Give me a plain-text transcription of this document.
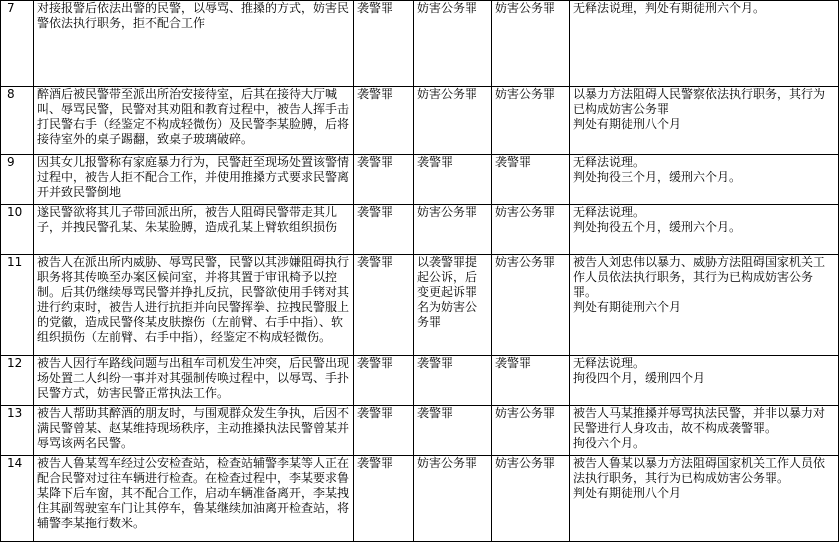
7	对接报警后依法出警的民警，以辱骂、推搡的方式，妨害民警依法执行职务，拒不配合工作	袭警罪	妨害公务罪	妨害公务罪	无释法说理，判处有期徒刑六个月。
8	醉酒后被民警带至派出所治安接待室，后其在接待大厅喊叫、辱骂民警，民警对其劝阻和教育过程中，被告人挥手击打民警右手（经鉴定不构成轻微伤）及民警李某脸膊，后将接待室外的桌子踢翻，致桌子玻璃破碎。	袭警罪	妨害公务罪	妨害公务罪	以暴力方法阻碍人民警察依法执行职务，其行为已构成妨害公务罪
判处有期徒刑八个月
9	因其女儿报警称有家庭暴力行为，民警赶至现场处置该警情过程中，被告人拒不配合工作，并使用推搡方式要求民警离开并致民警倒地	袭警罪	袭警罪	袭警罪	无释法说理。
判处拘役三个月，缓刑六个月。
10	遂民警欲将其儿子带回派出所，被告人阻碍民警带走其儿子，并拽民警孔某、朱某脸膊，造成孔某上臂软组织损伤	袭警罪	妨害公务罪	妨害公务罪	无释法说理。
判处拘役五个月，缓刑六个月。
11	被告人在派出所内威胁、辱骂民警，民警以其涉嫌阻碍执行职务将其传唤至办案区候问室，并将其置于审讯椅予以控制。后其仍继续辱骂民警并挣扎反抗，民警欲使用手铐对其进行约束时，被告人进行抗拒并向民警挥拳、拉拽民警服上的党徽，造成民警佟某皮肤擦伤（左前臂、右手中指）、软组织损伤（左前臂、右手中指），经鉴定不构成轻微伤。	袭警罪	以袭警罪提起公诉，后变更起诉罪名为妨害公务罪	妨害公务罪	被告人刘忠伟以暴力、威胁方法阻碍国家机关工作人员依法执行职务，其行为已构成妨害公务罪。
判处有期徒刑六个月
12	被告人因行车路线问题与出租车司机发生冲突，后民警出现场处置二人纠纷一事并对其强制传唤过程中，以辱骂、手扑民警方式，妨害民警正常执法工作。	袭警罪	袭警罪	袭警罪	无释法说理。
拘役四个月，缓刑四个月
13	被告人帮助其醉酒的朋友时，与围观群众发生争执，后因不满民警曾某、赵某维持现场秩序，主动推搡执法民警曾某并辱骂该两名民警。	袭警罪	袭警罪	妨害公务罪	被告人马某推搡并辱骂执法民警，并非以暴力对民警进行人身攻击，故不构成袭警罪。
拘役六个月。
14	被告人鲁某驾车经过公安检查站，检查站辅警李某等人正在配合民警对过往车辆进行检查。在检查过程中，李某要求鲁某降下后车窗，其不配合工作，启动车辆准备离开，李某拽住其副驾驶室车门让其停车，鲁某继续加油离开检查站，将辅警李某拖行数米。	袭警罪	妨害公务罪	妨害公务罪	被告人鲁某以暴力方法阻碍国家机关工作人员依法执行职务，其行为已构成妨害公务罪。
判处有期徒刑八个月
